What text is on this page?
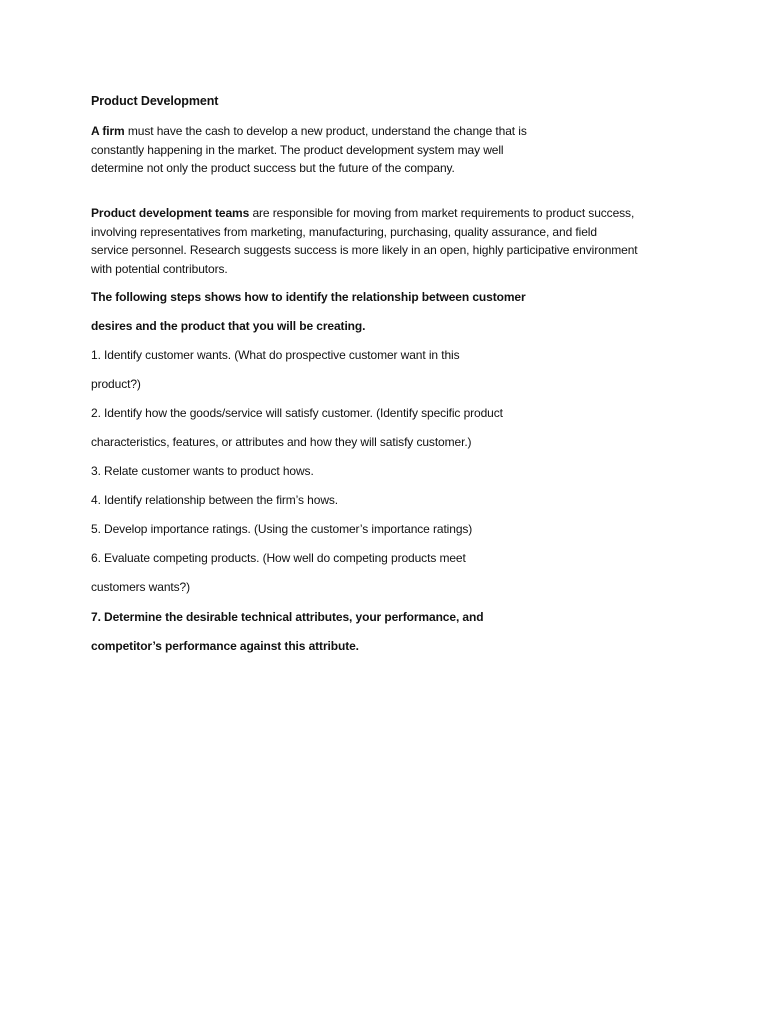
Product Development

A firm must have the cash to develop a new product, understand the change that is
constantly happening in the market. The product development system may well
determine not only the product success but the future of the company.

Product development teams are responsible for moving from market requirements to product success,
involving representatives from marketing, manufacturing, purchasing, quality assurance, and field
service personnel. Research suggests success is more likely in an open, highly participative environment
with potential contributors.

The following steps shows how to identify the relationship between customer

desires and the product that you will be creating.

1. Identify customer wants. (What do prospective customer want in this

product?)

2. Identify how the goods/service will satisfy customer. (Identify specific product

characteristics, features, or attributes and how they will satisfy customer.)

3. Relate customer wants to product hows.

4. Identify relationship between the firm’s hows.

5. Develop importance ratings. (Using the customer’s importance ratings)

6. Evaluate competing products. (How well do competing products meet

customers wants?)

7. Determine the desirable technical attributes, your performance, and

competitor’s performance against this attribute.
